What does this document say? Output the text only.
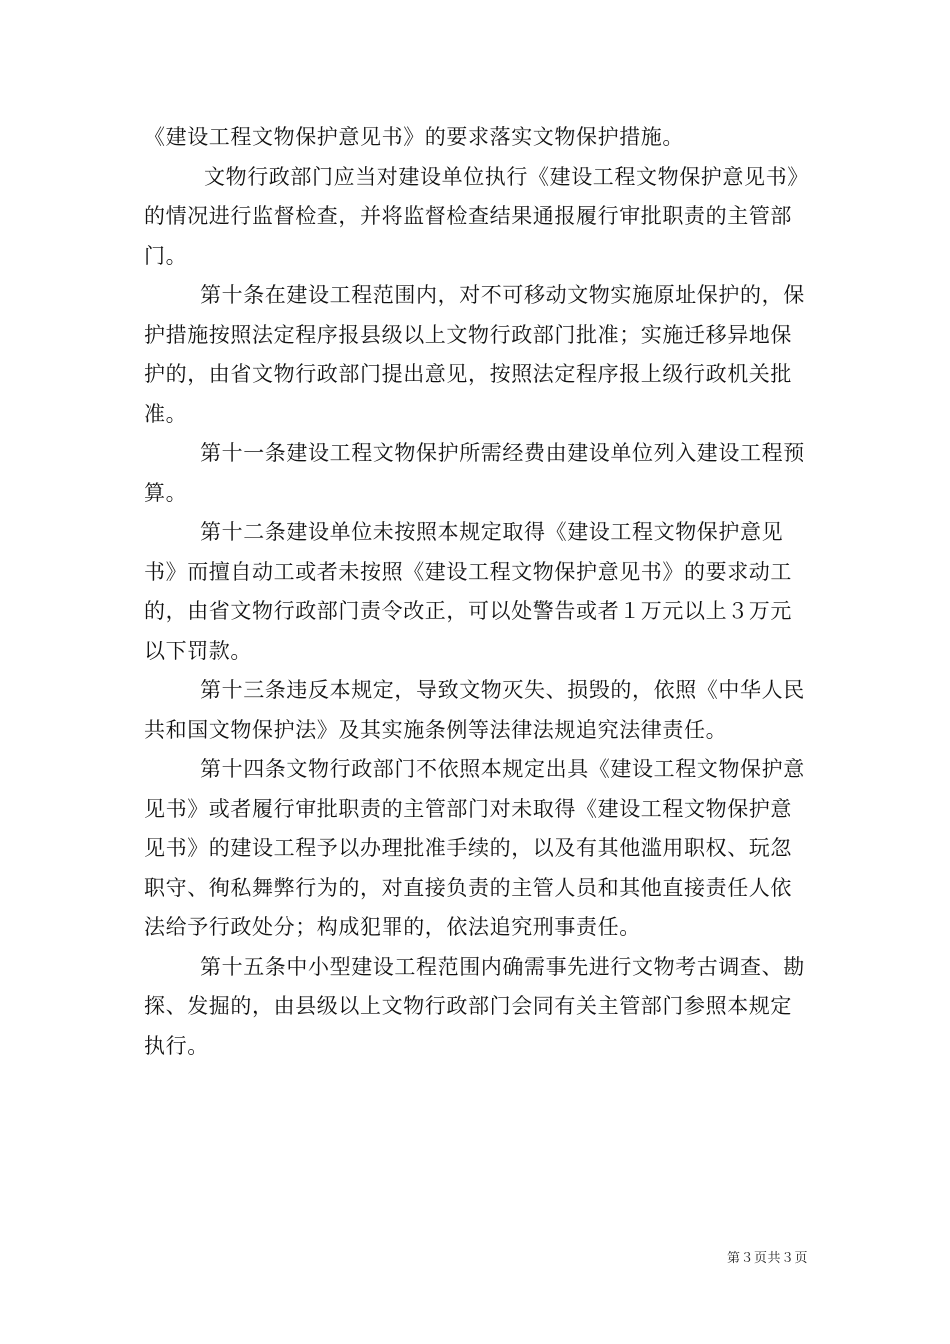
《建设工程文物保护意见书》的要求落实文物保护措施。

文物行政部门应当对建设单位执行《建设工程文物保护意见书》的情况进行监督检查，并将监督检查结果通报履行审批职责的主管部门。

第十条在建设工程范围内，对不可移动文物实施原址保护的，保护措施按照法定程序报县级以上文物行政部门批准；实施迁移异地保护的，由省文物行政部门提出意见，按照法定程序报上级行政机关批准。

第十一条建设工程文物保护所需经费由建设单位列入建设工程预算。

第十二条建设单位未按照本规定取得《建设工程文物保护意见书》而擅自动工或者未按照《建设工程文物保护意见书》的要求动工的，由省文物行政部门责令改正，可以处警告或者１万元以上３万元以下罚款。

第十三条违反本规定，导致文物灭失、损毁的，依照《中华人民共和国文物保护法》及其实施条例等法律法规追究法律责任。

第十四条文物行政部门不依照本规定出具《建设工程文物保护意见书》或者履行审批职责的主管部门对未取得《建设工程文物保护意见书》的建设工程予以办理批准手续的，以及有其他滥用职权、玩忽职守、徇私舞弊行为的，对直接负责的主管人员和其他直接责任人依法给予行政处分；构成犯罪的，依法追究刑事责任。

第十五条中小型建设工程范围内确需事先进行文物考古调查、勘探、发掘的，由县级以上文物行政部门会同有关主管部门参照本规定执行。

第３页共３页
